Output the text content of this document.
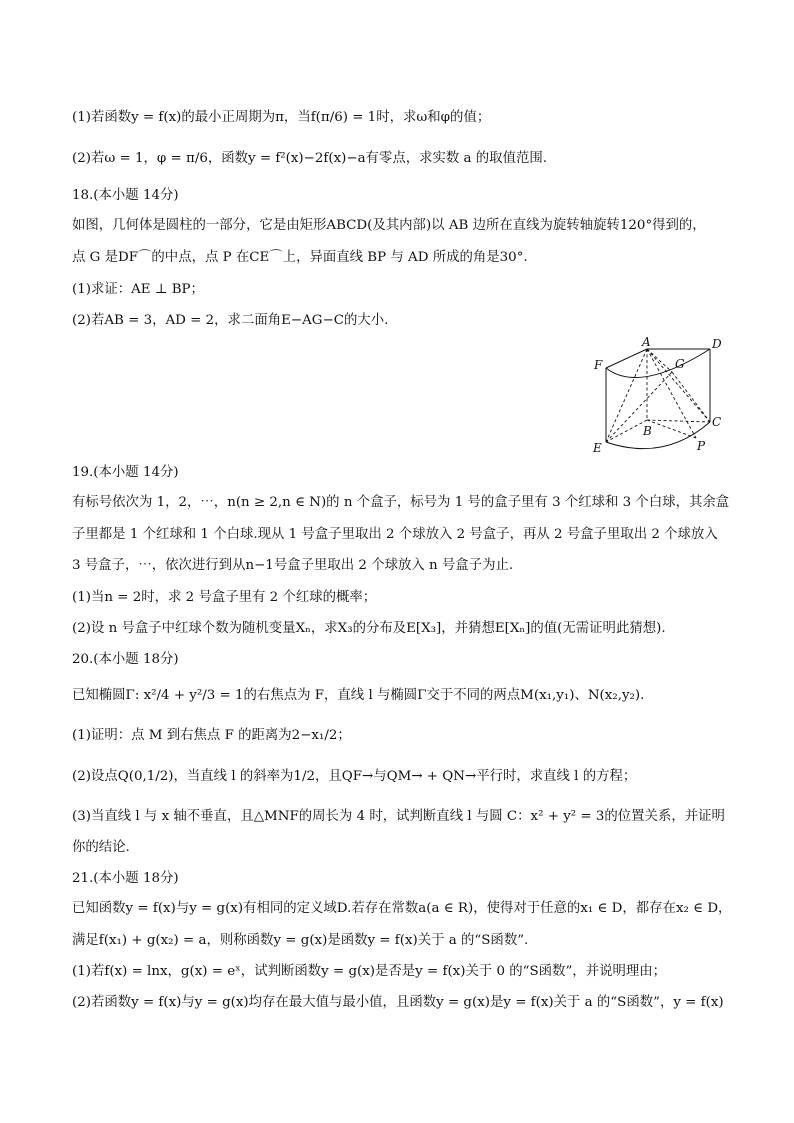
(1)若函数y = f(x)的最小正周期为π，当f(π/6) = 1时，求ω和φ的值；
(2)若ω = 1，φ = π/6，函数y = f²(x)−2f(x)−a有零点，求实数 a 的取值范围.
18.(本小题 14分)
如图，几何体是圆柱的一部分，它是由矩形ABCD(及其内部)以 AB 边所在直线为旋转轴旋转120°得到的，
点 G 是DF⌒的中点，点 P 在CE⌒上，异面直线 BP 与 AD 所成的角是30°.
(1)求证：AE ⊥ BP；
(2)若AB = 3，AD = 2，求二面角E−AG−C的大小.
A	D
F	G
C
B
E	P
19.(本小题 14分)
有标号依次为 1，2，⋯，n(n ≥ 2,n ∈ N)的 n 个盒子，标号为 1 号的盒子里有 3 个红球和 3 个白球，其余盒
子里都是 1 个红球和 1 个白球.现从 1 号盒子里取出 2 个球放入 2 号盒子，再从 2 号盒子里取出 2 个球放入
3 号盒子，⋯，依次进行到从n−1号盒子里取出 2 个球放入 n 号盒子为止.
(1)当n = 2时，求 2 号盒子里有 2 个红球的概率；
(2)设 n 号盒子中红球个数为随机变量Xₙ，求X₃的分布及E[X₃]，并猜想E[Xₙ]的值(无需证明此猜想).
20.(本小题 18分)
已知椭圆Γ: x²/4 + y²/3 = 1的右焦点为 F，直线 l 与椭圆Γ交于不同的两点M(x₁,y₁)、N(x₂,y₂).
(1)证明：点 M 到右焦点 F 的距离为2−x₁/2；
(2)设点Q(0,1/2)，当直线 l 的斜率为1/2，且QF→与QM→ + QN→平行时，求直线 l 的方程；
(3)当直线 l 与 x 轴不垂直，且△MNF的周长为 4 时，试判断直线 l 与圆 C：x² + y² = 3的位置关系，并证明
你的结论.
21.(本小题 18分)
已知函数y = f(x)与y = g(x)有相同的定义域D.若存在常数a(a ∈ R)，使得对于任意的x₁ ∈ D，都存在x₂ ∈ D，
满足f(x₁) + g(x₂) = a，则称函数y = g(x)是函数y = f(x)关于 a 的“S函数”.
(1)若f(x) = lnx，g(x) = eˣ，试判断函数y = g(x)是否是y = f(x)关于 0 的“S函数”，并说明理由；
(2)若函数y = f(x)与y = g(x)均存在最大值与最小值，且函数y = g(x)是y = f(x)关于 a 的“S函数”，y = f(x)
